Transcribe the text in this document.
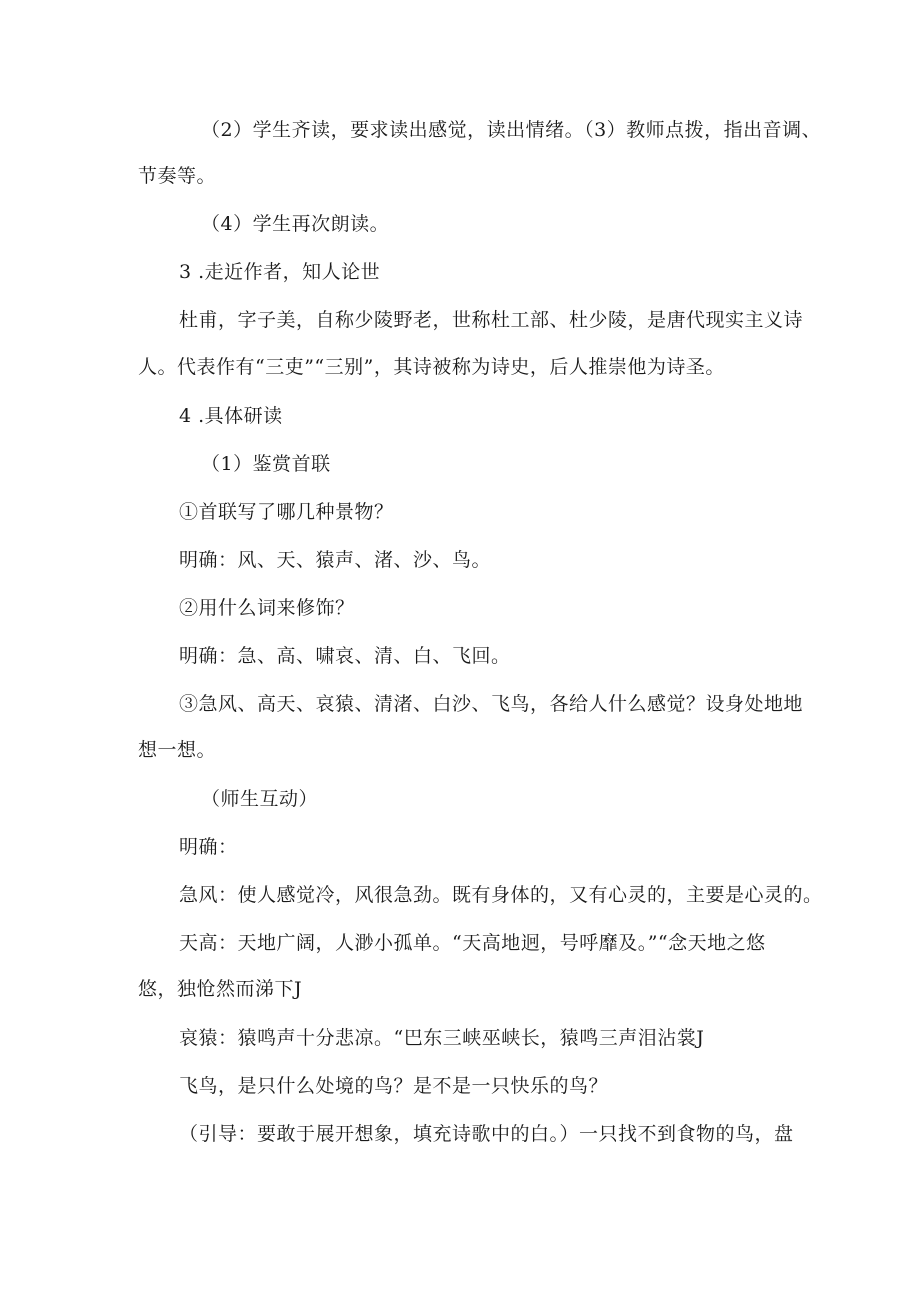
（2）学生齐读，要求读出感觉，读出情绪。（3）教师点拨，指出音调、
节奏等。
（4）学生再次朗读。
3 .走近作者，知人论世
杜甫，字子美，自称少陵野老，世称杜工部、杜少陵，是唐代现实主义诗
人。代表作有“三吏”“三别”，其诗被称为诗史，后人推崇他为诗圣。
4 .具体研读
（1）鉴赏首联
①首联写了哪几种景物？
明确：风、天、猿声、渚、沙、鸟。
②用什么词来修饰？
明确：急、高、啸哀、清、白、飞回。
③急风、高天、哀猿、清渚、白沙、飞鸟，各给人什么感觉？设身处地地
想一想。
（师生互动）
明确：
急风：使人感觉冷，风很急劲。既有身体的，又有心灵的，主要是心灵的。
天高：天地广阔，人渺小孤单。“天高地迥，号呼靡及。”“念天地之悠
悠，独怆然而涕下J
哀猿：猿鸣声十分悲凉。“巴东三峡巫峡长，猿鸣三声泪沾裳J
飞鸟，是只什么处境的鸟？是不是一只快乐的鸟？
（引导：要敢于展开想象，填充诗歌中的白。）一只找不到食物的鸟，盘
